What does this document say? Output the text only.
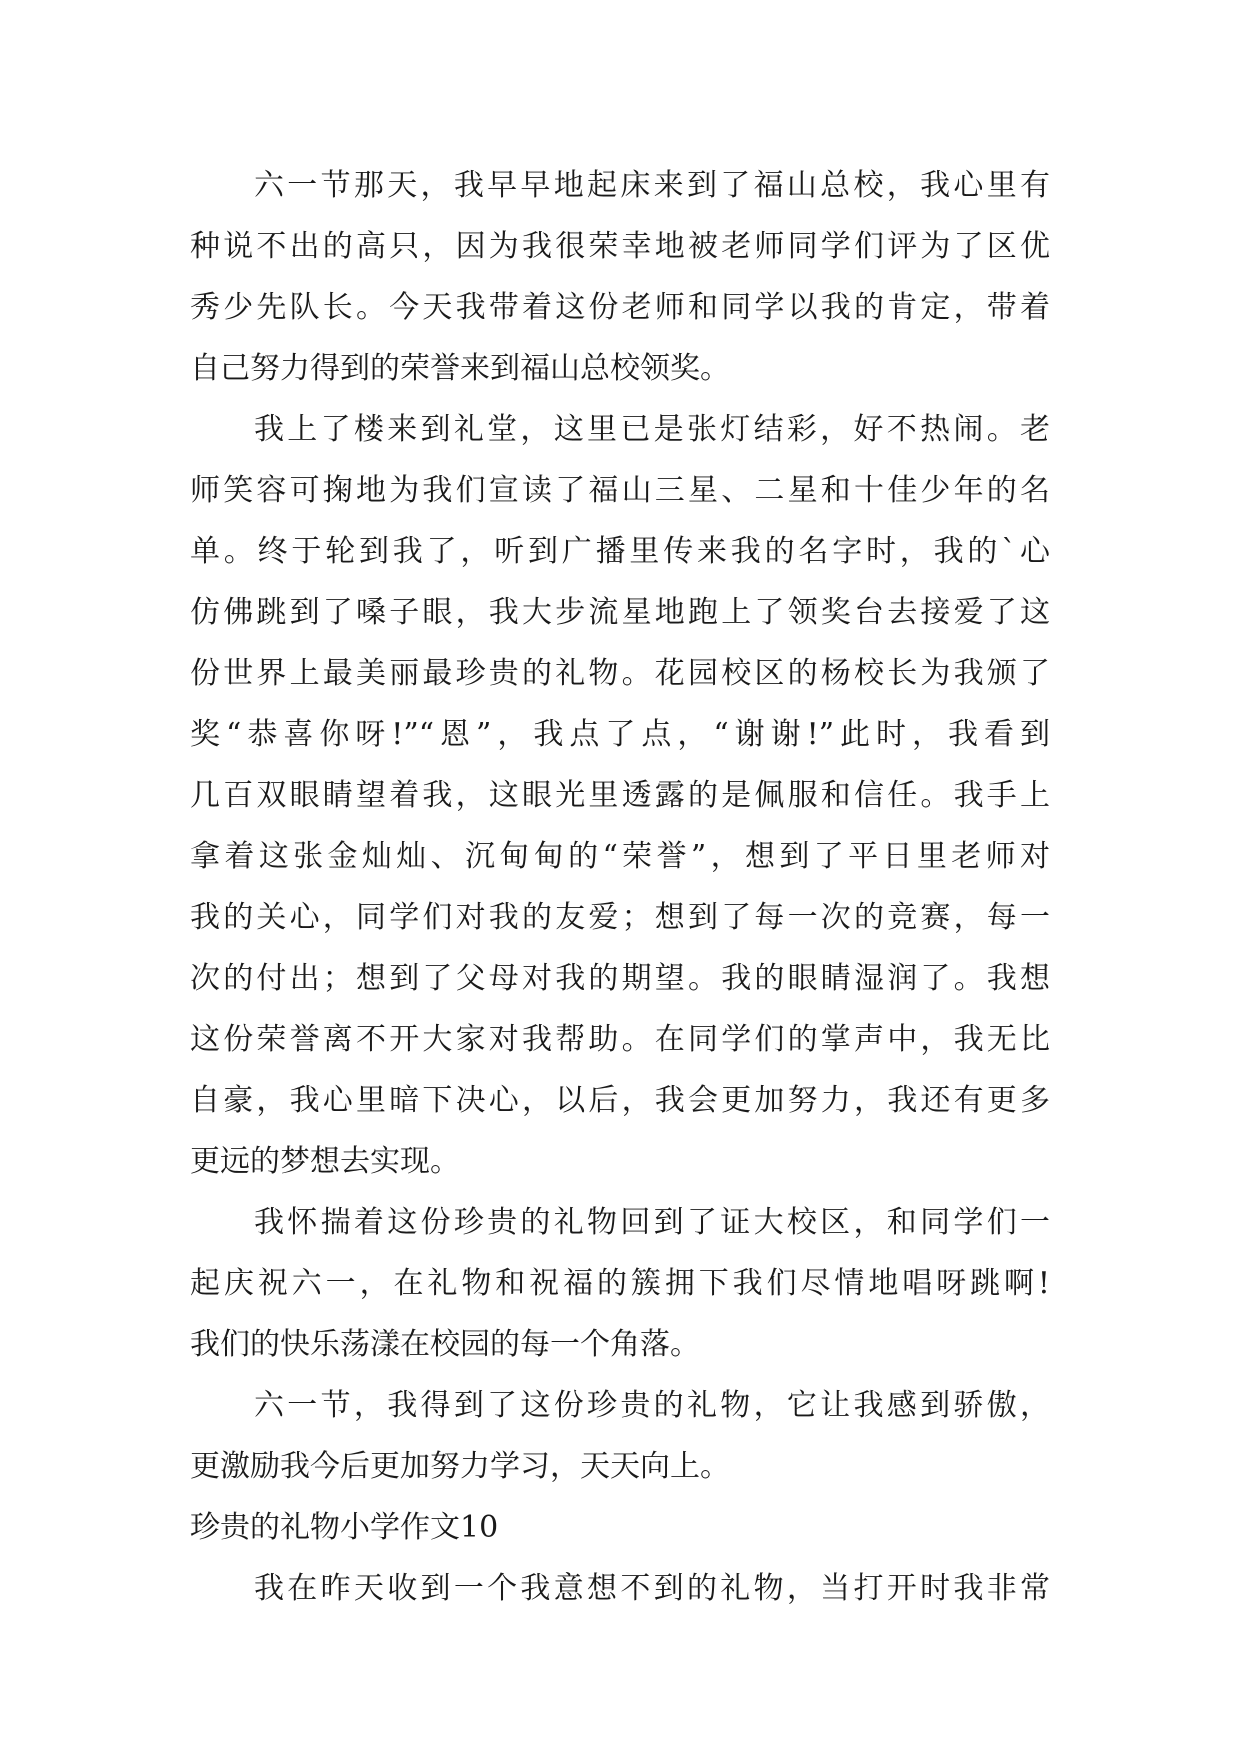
六一节那天，我早早地起床来到了福山总校，我心里有
种说不出的高只，因为我很荣幸地被老师同学们评为了区优
秀少先队长。今天我带着这份老师和同学以我的肯定，带着
自己努力得到的荣誉来到福山总校领奖。
我上了楼来到礼堂，这里已是张灯结彩，好不热闹。老
师笑容可掬地为我们宣读了福山三星、二星和十佳少年的名
单。终于轮到我了，听到广播里传来我的名字时，我的`心
仿佛跳到了嗓子眼，我大步流星地跑上了领奖台去接爱了这
份世界上最美丽最珍贵的礼物。花园校区的杨校长为我颁了
奖“恭喜你呀!”“恩”，我点了点，“谢谢!”此时，我看到
几百双眼睛望着我，这眼光里透露的是佩服和信任。我手上
拿着这张金灿灿、沉甸甸的“荣誉”，想到了平日里老师对
我的关心，同学们对我的友爱；想到了每一次的竞赛，每一
次的付出；想到了父母对我的期望。我的眼睛湿润了。我想
这份荣誉离不开大家对我帮助。在同学们的掌声中，我无比
自豪，我心里暗下决心，以后，我会更加努力，我还有更多
更远的梦想去实现。
我怀揣着这份珍贵的礼物回到了证大校区，和同学们一
起庆祝六一，在礼物和祝福的簇拥下我们尽情地唱呀跳啊!
我们的快乐荡漾在校园的每一个角落。
六一节，我得到了这份珍贵的礼物，它让我感到骄傲，
更激励我今后更加努力学习，天天向上。
珍贵的礼物小学作文10
我在昨天收到一个我意想不到的礼物，当打开时我非常
